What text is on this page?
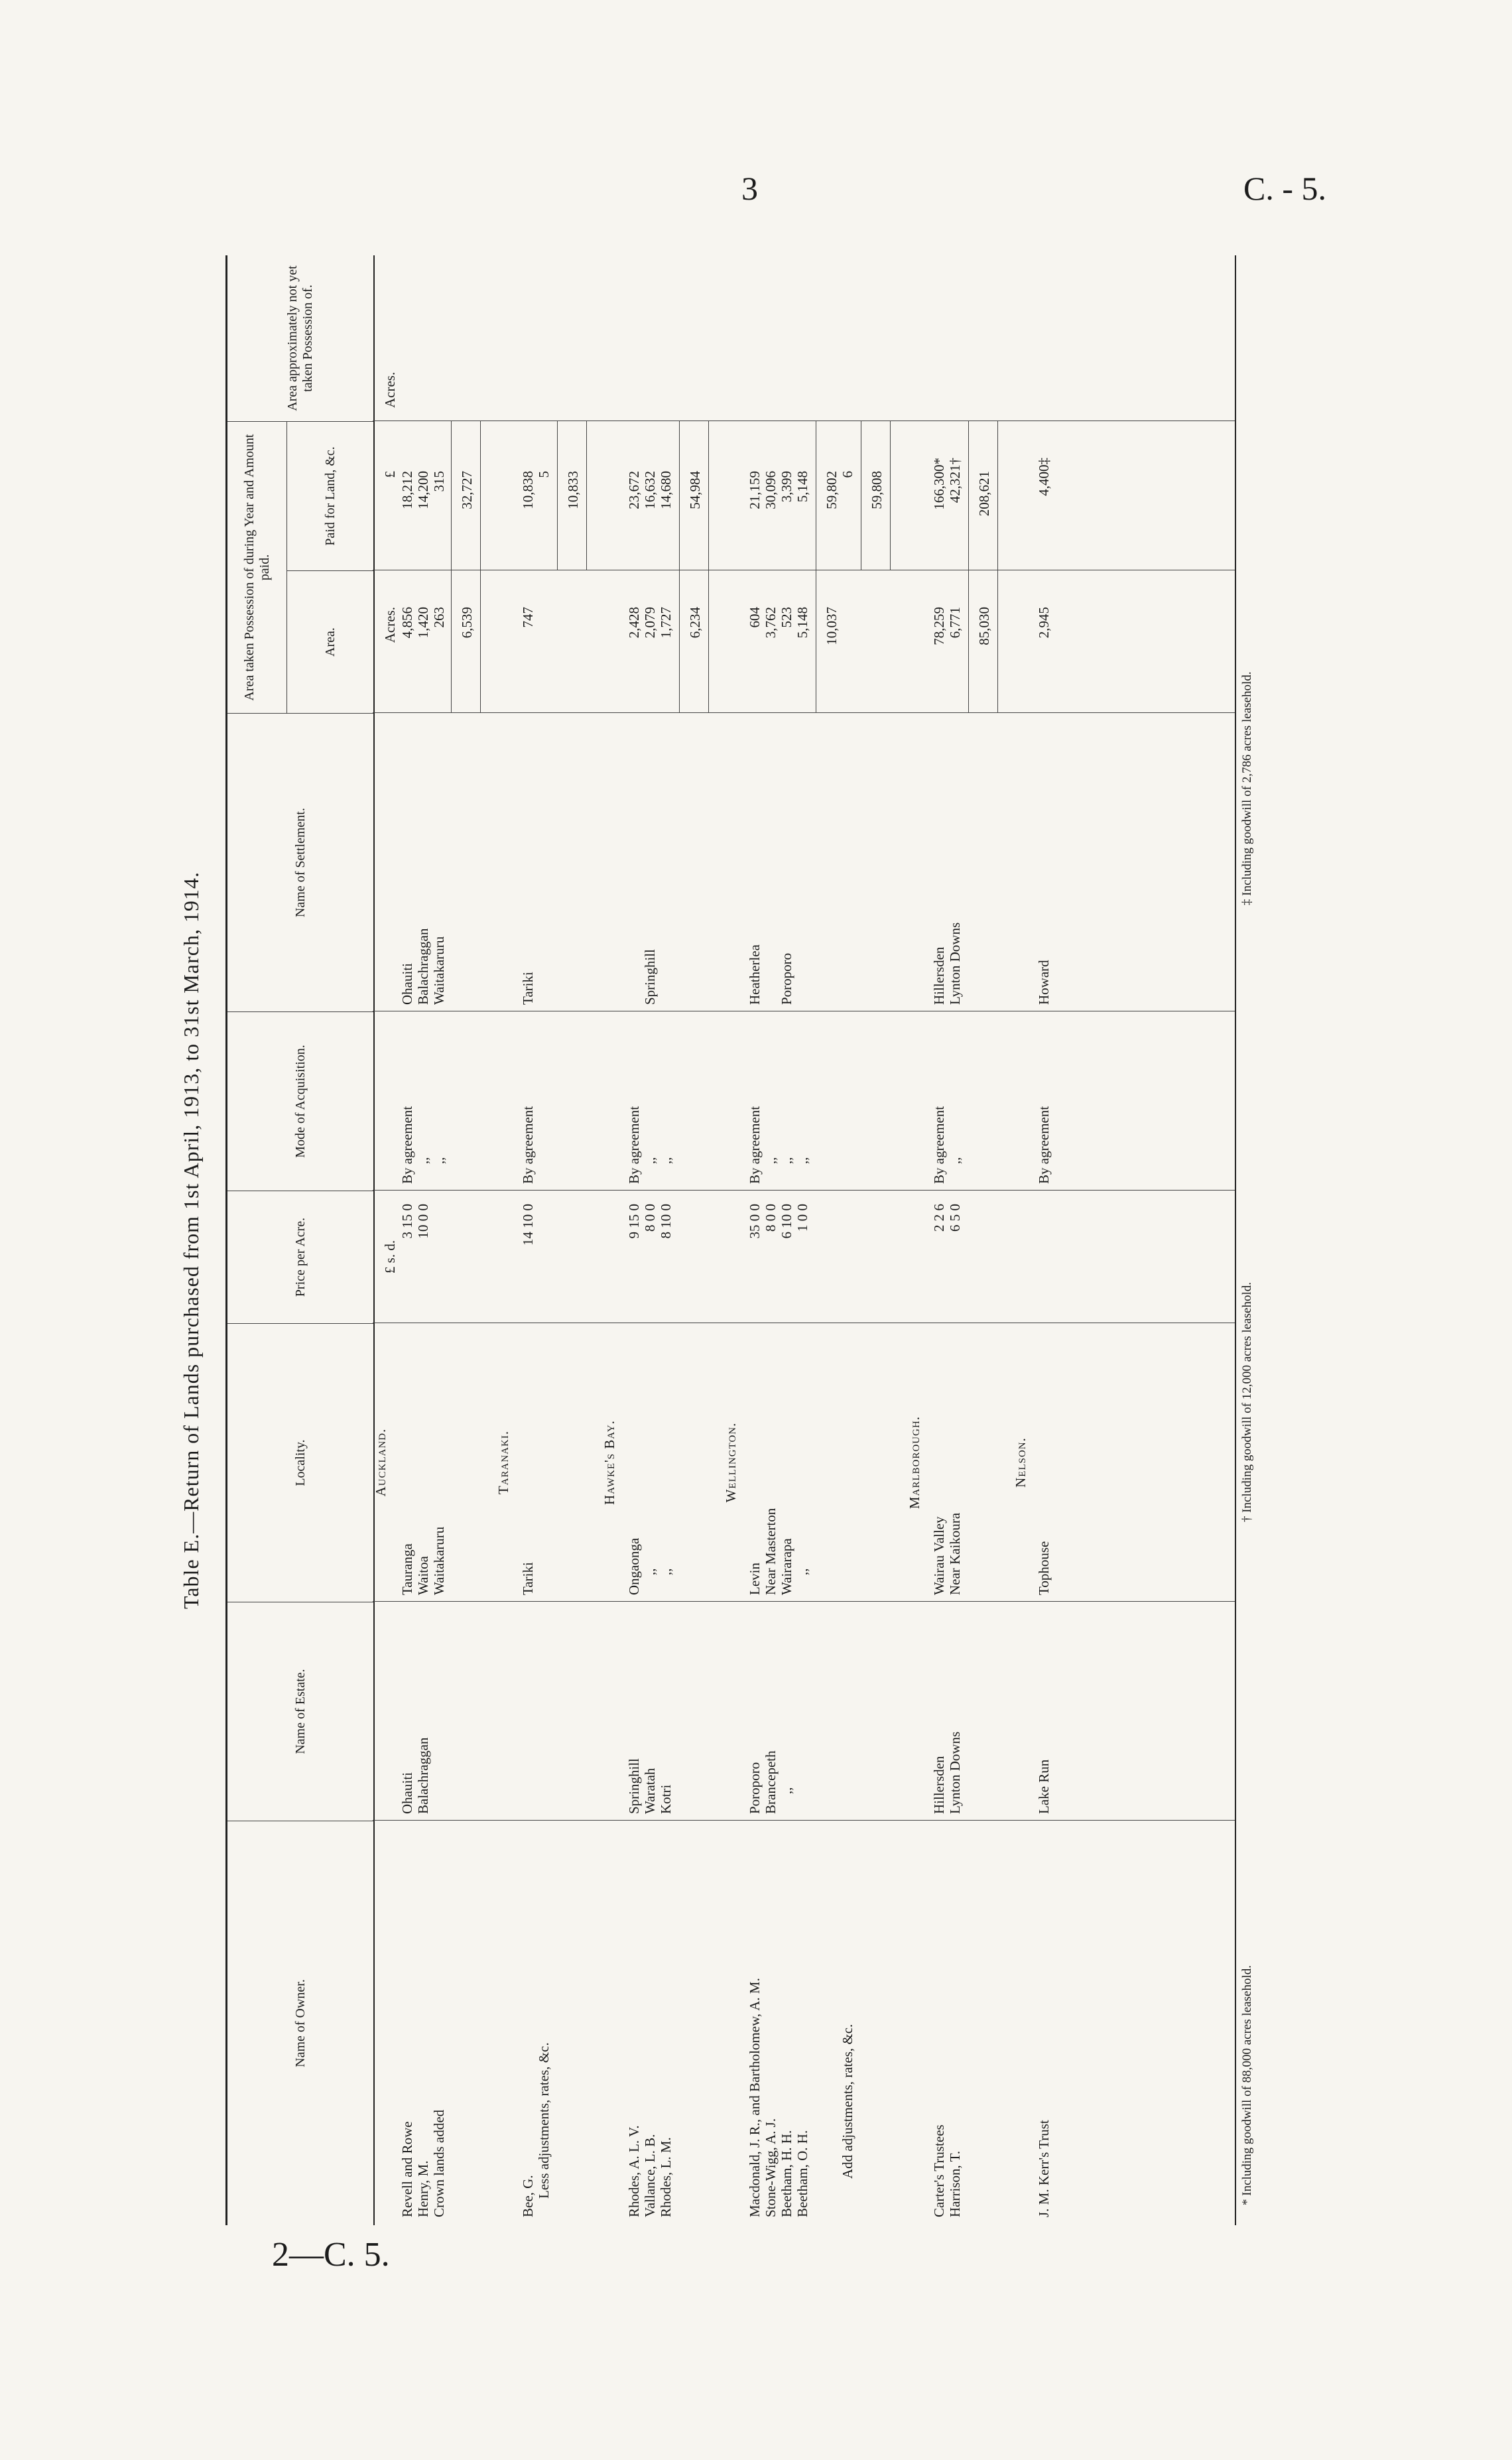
3	C. - 5.
2—C. 5.
Table E.—Return of Lands purchased from 1st April, 1913, to 31st March, 1914.
Name of Owner.
Name of Estate.
Locality.
Price per Acre.
Mode of Acquisition.
Name of Settlement.
Area taken Possession of during Year and Amount paid.
Area.
Paid for Land, &c.
Area approximately not yet taken Possession of.
£ s. d.
Acres.
£
Acres.
Auckland.
Revell and Rowe
Ohauiti
Tauranga
3 15 0
By agreement
Ohauiti
4,856
18,212
Henry, M.
Balachraggan
Waitoa
10 0 0
,,
Balachraggan
1,420
14,200
Crown lands added
Waitakaruru
,,
Waitakaruru
263
315
6,539
32,727
Taranaki.
Bee, G.
Tariki
14 10 0
By agreement
Tariki
747
10,838
Less adjustments, rates, &c.
5 10,833
Hawke's Bay.
Rhodes, A. L. V.
Springhill
Ongaonga
9 15 0
By agreement
2,428
23,672
Vallance, L. B.
Waratah
,,
8 0 0
,,
Springhill
2,079
16,632
Rhodes, L. M.
Kotri
,,
8 10 0
,,
1,727
14,680
6,234
54,984
Wellington.
Macdonald, J. R., and Bartholomew, A. M.
Poroporo
Levin
35 0 0
By agreement
Heatherlea
604
21,159
Stone-Wigg, A. J.
Brancepeth
Near Masterton
8 0 0
,,
3,762
30,096
Beetham, H. H.
,,
Wairarapa
6 10 0
,,
Poroporo
523
3,399
Beetham, O. H.
,,
1 0 0
,,
5,148
5,148
10,037
59,802
Add adjustments, rates, &c.
6 59,808
Marlborough.
Carter's Trustees
Hillersden
Wairau Valley
2 2 6
By agreement
Hillersden
78,259
166,300*
Harrison, T.
Lynton Downs
Near Kaikoura
6 5 0
,,
Lynton Downs
6,771
42,321†
85,030
208,621
Nelson.
J. M. Kerr's Trust
Lake Run
Tophouse
By agreement
Howard
2,945
4,400‡
* Including goodwill of 88,000 acres leasehold.
† Including goodwill of 12,000 acres leasehold.
‡ Including goodwill of 2,786 acres leasehold.
